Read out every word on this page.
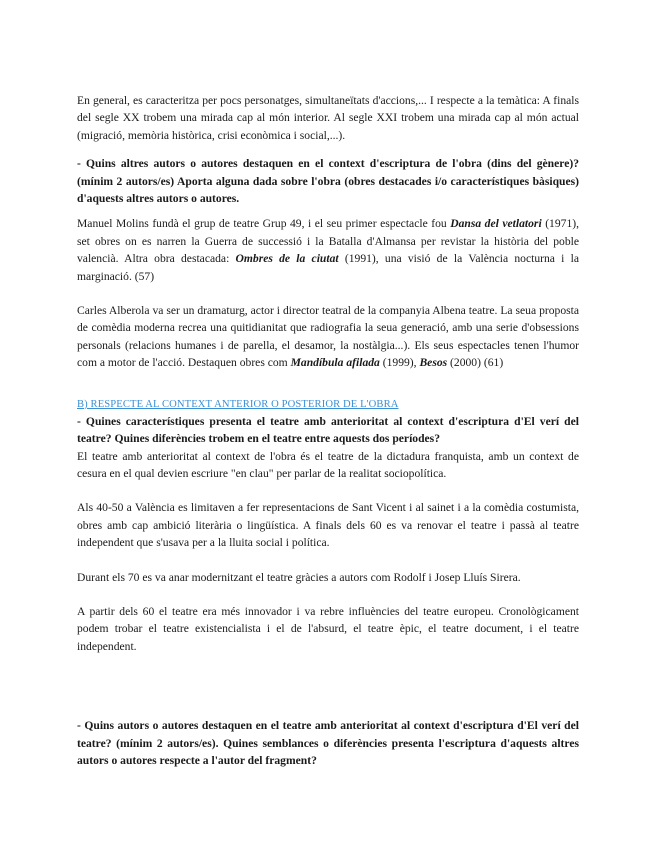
En general, es caracteritza per pocs personatges, simultaneïtats d'accions,... I respecte a la temàtica: A finals del segle XX trobem una mirada cap al món interior. Al segle XXI trobem una mirada cap al món actual (migració, memòria històrica, crisi econòmica i social,...).

- Quins altres autors o autores destaquen en el context d'escriptura de l'obra (dins del gènere)? (mínim 2 autors/es) Aporta alguna dada sobre l'obra (obres destacades i/o característiques bàsiques) d'aquests altres autors o autores.

Manuel Molins fundà el grup de teatre Grup 49, i el seu primer espectacle fou Dansa del vetlatori (1971), set obres on es narren la Guerra de successió i la Batalla d'Almansa per revistar la història del poble valencià. Altra obra destacada: Ombres de la ciutat (1991), una visió de la València nocturna i la marginació. (57)

Carles Alberola va ser un dramaturg, actor i director teatral de la companyia Albena teatre. La seua proposta de comèdia moderna recrea una quitidianitat que radiografia la seua generació, amb una serie d'obsessions personals (relacions humanes i de parella, el desamor, la nostàlgia...). Els seus espectacles tenen l'humor com a motor de l'acció. Destaquen obres com Mandíbula afilada (1999), Besos (2000) (61)

B) RESPECTE AL CONTEXT ANTERIOR O POSTERIOR DE L'OBRA

- Quines característiques presenta el teatre amb anterioritat al context d'escriptura d'El verí del teatre? Quines diferències trobem en el teatre entre aquests dos períodes?

El teatre amb anterioritat al context de l'obra és el teatre de la dictadura franquista, amb un context de cesura en el qual devien escriure "en clau" per parlar de la realitat sociopolítica.

Als 40-50 a València es limitaven a fer representacions de Sant Vicent i al sainet i a la comèdia costumista, obres amb cap ambició literària o lingüística. A finals dels 60 es va renovar el teatre i passà al teatre independent que s'usava per a la lluita social i política.

Durant els 70 es va anar modernitzant el teatre gràcies a autors com Rodolf i Josep Lluís Sirera.

A partir dels 60 el teatre era més innovador i va rebre influències del teatre europeu. Cronològicament podem trobar el teatre existencialista i el de l'absurd, el teatre èpic, el teatre document, i el teatre independent.

- Quins autors o autores destaquen en el teatre amb anterioritat al context d'escriptura d'El verí del teatre? (mínim 2 autors/es). Quines semblances o diferències presenta l'escriptura d'aquests altres autors o autores respecte a l'autor del fragment?
